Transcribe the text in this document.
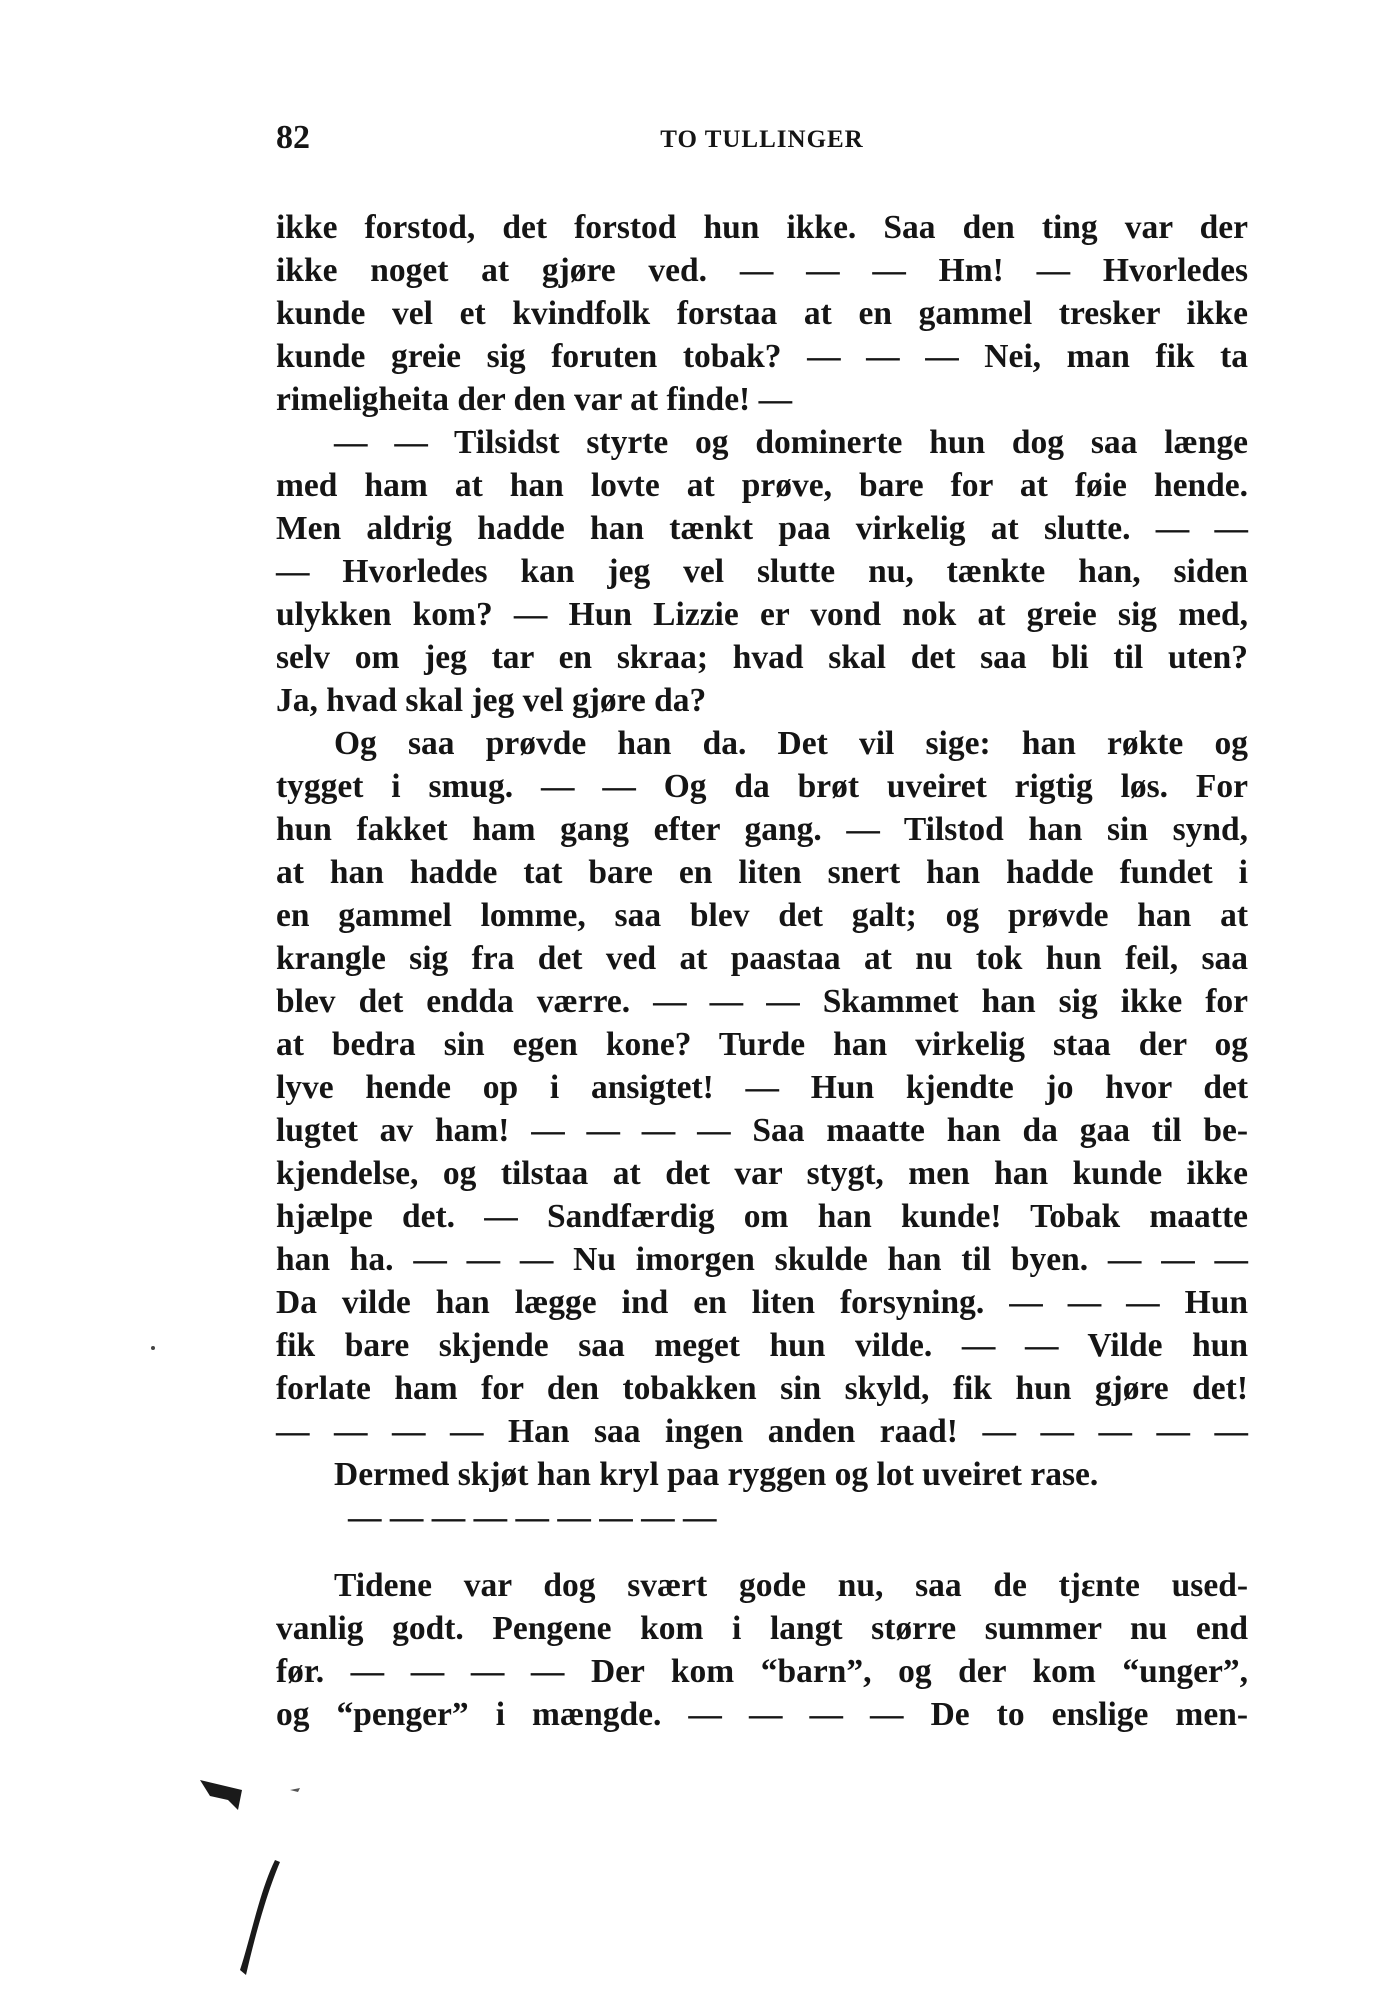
82	TO TULLINGER
ikke forstod, det forstod hun ikke. Saa den ting var der
ikke noget at gjøre ved. — — — Hm! — Hvorledes
kunde vel et kvindfolk forstaa at en gammel tresker ikke
kunde greie sig foruten tobak? — — — Nei, man fik ta
rimeligheita der den var at finde! —
— — Tilsidst styrte og dominerte hun dog saa længe
med ham at han lovte at prøve, bare for at føie hende.
Men aldrig hadde han tænkt paa virkelig at slutte. — —
— Hvorledes kan jeg vel slutte nu, tænkte han, siden
ulykken kom? — Hun Lizzie er vond nok at greie sig med,
selv om jeg tar en skraa; hvad skal det saa bli til uten?
Ja, hvad skal jeg vel gjøre da?
Og saa prøvde han da. Det vil sige: han røkte og
tygget i smug. — — Og da brøt uveiret rigtig løs. For
hun fakket ham gang efter gang. — Tilstod han sin synd,
at han hadde tat bare en liten snert han hadde fundet i
en gammel lomme, saa blev det galt; og prøvde han at
krangle sig fra det ved at paastaa at nu tok hun feil, saa
blev det endda værre. — — — Skammet han sig ikke for
at bedra sin egen kone? Turde han virkelig staa der og
lyve hende op i ansigtet! — Hun kjendte jo hvor det
lugtet av ham! — — — — Saa maatte han da gaa til be-
kjendelse, og tilstaa at det var stygt, men han kunde ikke
hjælpe det. — Sandfærdig om han kunde! Tobak maatte
han ha. — — — Nu imorgen skulde han til byen. — — —
Da vilde han lægge ind en liten forsyning. — — — Hun
fik bare skjende saa meget hun vilde. — — Vilde hun
forlate ham for den tobakken sin skyld, fik hun gjøre det!
— — — — Han saa ingen anden raad! — — — — —
Dermed skjøt han kryl paa ryggen og lot uveiret rase.
— — — — — — — — —
Tidene var dog svært gode nu, saa de tjεnte used-
vanlig godt. Pengene kom i langt større summer nu end
før. — — — — Der kom “barn”, og der kom “unger”,
og “penger” i mængde. — — — — De to enslige men-
